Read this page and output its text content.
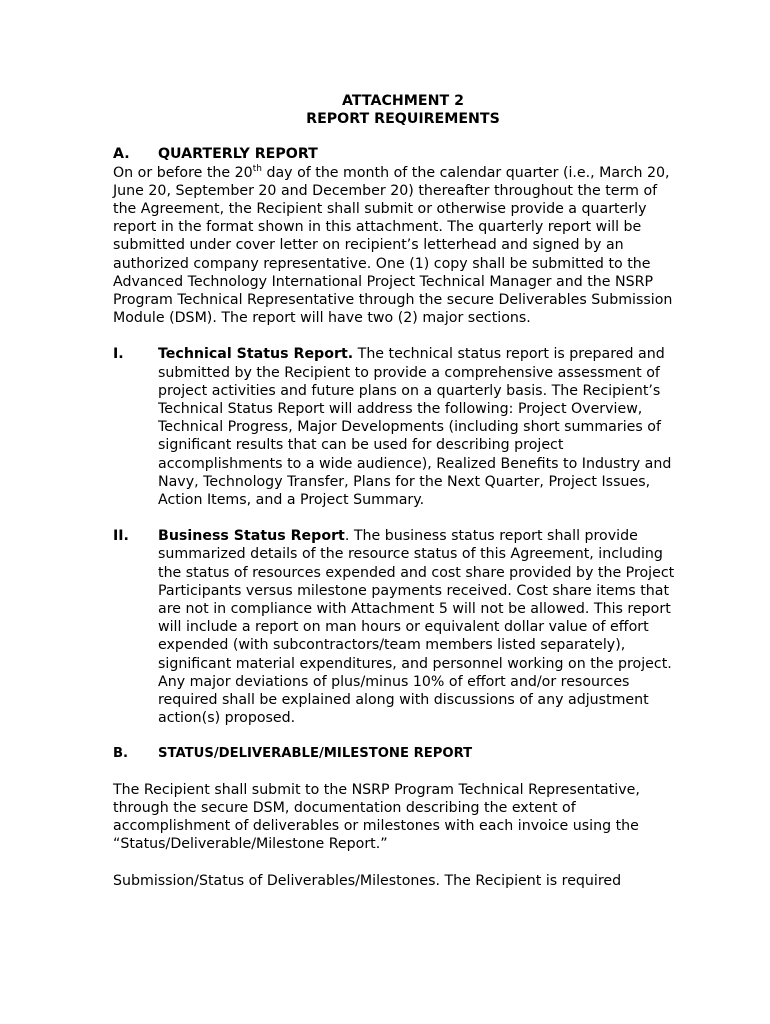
ATTACHMENT 2

REPORT REQUIREMENTS

A.	QUARTERLY REPORT

On or before the 20th day of the month of the calendar quarter (i.e., March 20, June 20, September 20 and December 20) thereafter throughout the term of the Agreement, the Recipient shall submit or otherwise provide a quarterly report in the format shown in this attachment. The quarterly report will be submitted under cover letter on recipient’s letterhead and signed by an authorized company representative. One (1) copy shall be submitted to the Advanced Technology International Project Technical Manager and the NSRP Program Technical Representative through the secure Deliverables Submission Module (DSM). The report will have two (2) major sections.

I.	Technical Status Report. The technical status report is prepared and submitted by the Recipient to provide a comprehensive assessment of project activities and future plans on a quarterly basis. The Recipient’s Technical Status Report will address the following: Project Overview, Technical Progress, Major Developments (including short summaries of significant results that can be used for describing project accomplishments to a wide audience), Realized Benefits to Industry and Navy, Technology Transfer, Plans for the Next Quarter, Project Issues, Action Items, and a Project Summary.

II.	Business Status Report. The business status report shall provide summarized details of the resource status of this Agreement, including the status of resources expended and cost share provided by the Project Participants versus milestone payments received. Cost share items that are not in compliance with Attachment 5 will not be allowed. This report will include a report on man hours or equivalent dollar value of effort expended (with subcontractors/team members listed separately), significant material expenditures, and personnel working on the project. Any major deviations of plus/minus 10% of effort and/or resources required shall be explained along with discussions of any adjustment action(s) proposed.

B.	STATUS/DELIVERABLE/MILESTONE REPORT

The Recipient shall submit to the NSRP Program Technical Representative, through the secure DSM, documentation describing the extent of accomplishment of deliverables or milestones with each invoice using the “Status/Deliverable/Milestone Report.”

Submission/Status of Deliverables/Milestones. The Recipient is required
